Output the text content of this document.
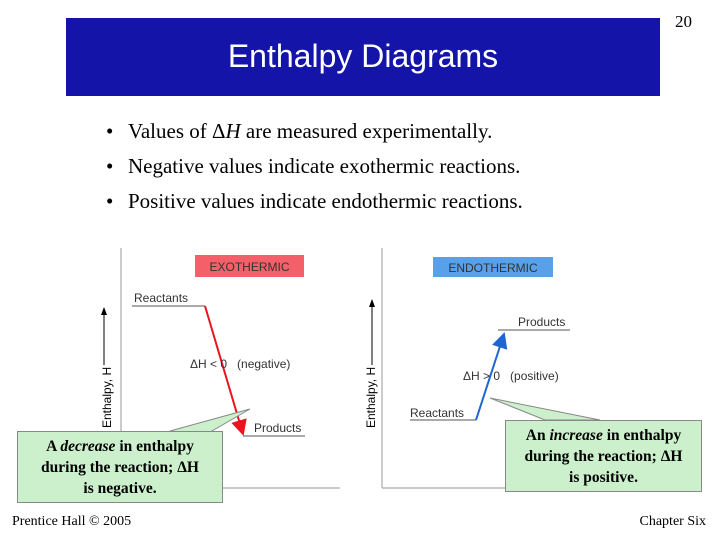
Enthalpy Diagrams
20
• Values of ΔH are measured experimentally.
• Negative values indicate exothermic reactions.
• Positive values indicate endothermic reactions.
EXOTHERMIC
Enthalpy, H
Reactants
Products
ΔH < 0   (negative)
ENDOTHERMIC
Enthalpy, H
Products
Reactants
ΔH > 0   (positive)
A decrease in enthalpy
during the reaction; ΔH
is negative.
An increase in enthalpy
during the reaction; ΔH
is positive.
Prentice Hall © 2005	Chapter Six
